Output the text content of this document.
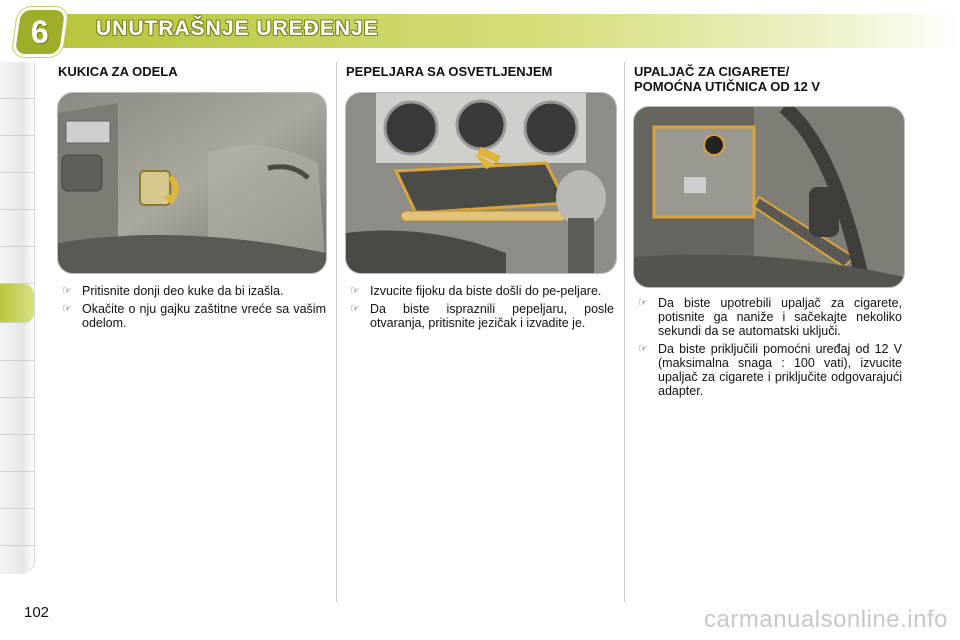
6 UNUTRAŠNJE UREĐENJE
KUKICA ZA ODELA
☞ Pritisnite donji deo kuke da bi izašla.
☞ Okačite o nju gajku zaštitne vreće sa vašim odelom.
PEPELJARA SA OSVETLJENJEM
☞ Izvucite fijoku da biste došli do pe-peljare.
☞ Da biste ispraznili pepeljaru, posle otvaranja, pritisnite jezičak i izvadite je.
UPALJAČ ZA CIGARETE/
POMOĆNA UTIČNICA OD 12 V
☞ Da biste upotrebili upaljač za cigarete, potisnite ga naniže i sačekajte nekoliko sekundi da se automatski uključi.
☞ Da biste priključili pomoćni uređaj od 12 V (maksimalna snaga : 100 vati), izvucite upaljač za cigarete i priključite odgovarajući adapter.
102	carmanualsonline.info
